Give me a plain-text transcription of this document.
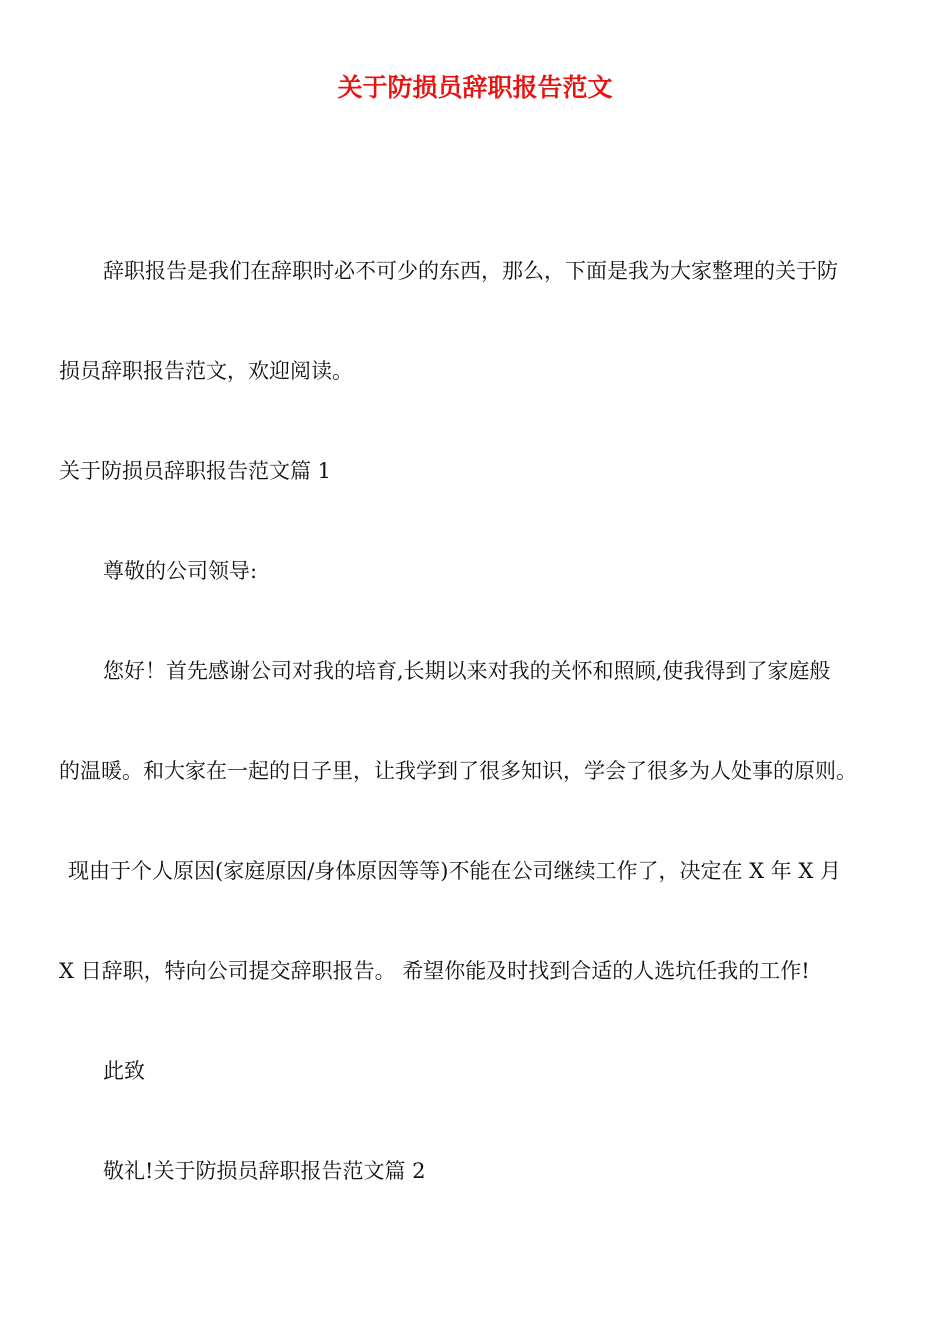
关于防损员辞职报告范文

辞职报告是我们在辞职时必不可少的东西，那么，下面是我为大家整理的关于防

损员辞职报告范文，欢迎阅读。

关于防损员辞职报告范文篇 1

尊敬的公司领导:

您好！首先感谢公司对我的培育,长期以来对我的关怀和照顾,使我得到了家庭般

的温暖。和大家在一起的日子里，让我学到了很多知识，学会了很多为人处事的原则。

现由于个人原因(家庭原因/身体原因等等)不能在公司继续工作了，决定在 X 年 X 月

X 日辞职，特向公司提交辞职报告。 希望你能及时找到合适的人选坑任我的工作!

此致

敬礼!关于防损员辞职报告范文篇 2
